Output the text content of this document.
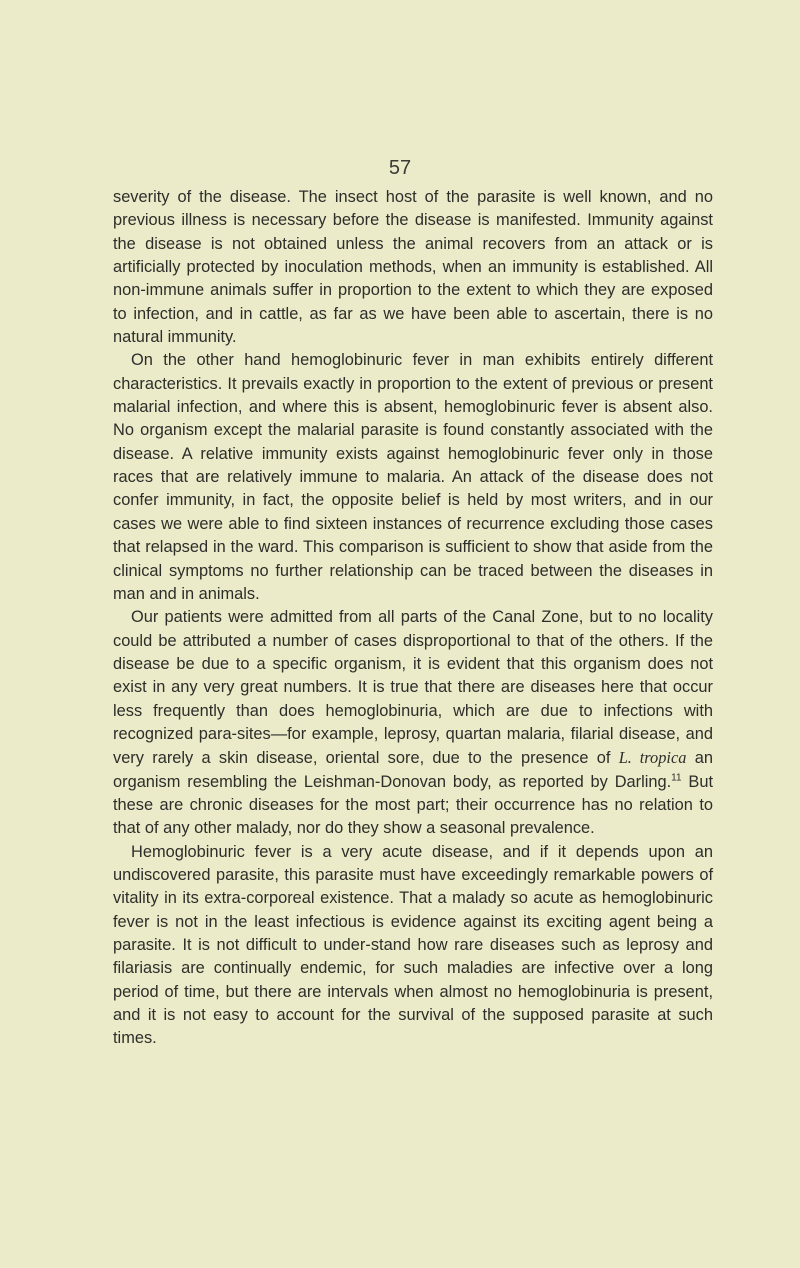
57

severity of the disease. The insect host of the parasite is well known, and no previous illness is necessary before the disease is manifested. Immunity against the disease is not obtained unless the animal recovers from an attack or is artificially protected by inoculation methods, when an immunity is established. All non-immune animals suffer in proportion to the extent to which they are exposed to infection, and in cattle, as far as we have been able to ascertain, there is no natural immunity.

On the other hand hemoglobinuric fever in man exhibits entirely different characteristics. It prevails exactly in proportion to the extent of previous or present malarial infection, and where this is absent, hemoglobinuric fever is absent also. No organism except the malarial parasite is found constantly associated with the disease. A relative immunity exists against hemoglobinuric fever only in those races that are relatively immune to malaria. An attack of the disease does not confer immunity, in fact, the opposite belief is held by most writers, and in our cases we were able to find sixteen instances of recurrence excluding those cases that relapsed in the ward. This comparison is sufficient to show that aside from the clinical symptoms no further relationship can be traced between the diseases in man and in animals.

Our patients were admitted from all parts of the Canal Zone, but to no locality could be attributed a number of cases disproportional to that of the others. If the disease be due to a specific organism, it is evident that this organism does not exist in any very great numbers. It is true that there are diseases here that occur less frequently than does hemoglobinuria, which are due to infections with recognized para-sites—for example, leprosy, quartan malaria, filarial disease, and very rarely a skin disease, oriental sore, due to the presence of L. tropica an organism resembling the Leishman-Donovan body, as reported by Darling.$^{11}$ But these are chronic diseases for the most part; their occurrence has no relation to that of any other malady, nor do they show a seasonal prevalence.

Hemoglobinuric fever is a very acute disease, and if it depends upon an undiscovered parasite, this parasite must have exceedingly remarkable powers of vitality in its extra-corporeal existence. That a malady so acute as hemoglobinuric fever is not in the least infectious is evidence against its exciting agent being a parasite. It is not difficult to under-stand how rare diseases such as leprosy and filariasis are continually endemic, for such maladies are infective over a long period of time, but there are intervals when almost no hemoglobinuria is present, and it is not easy to account for the survival of the supposed parasite at such times.
